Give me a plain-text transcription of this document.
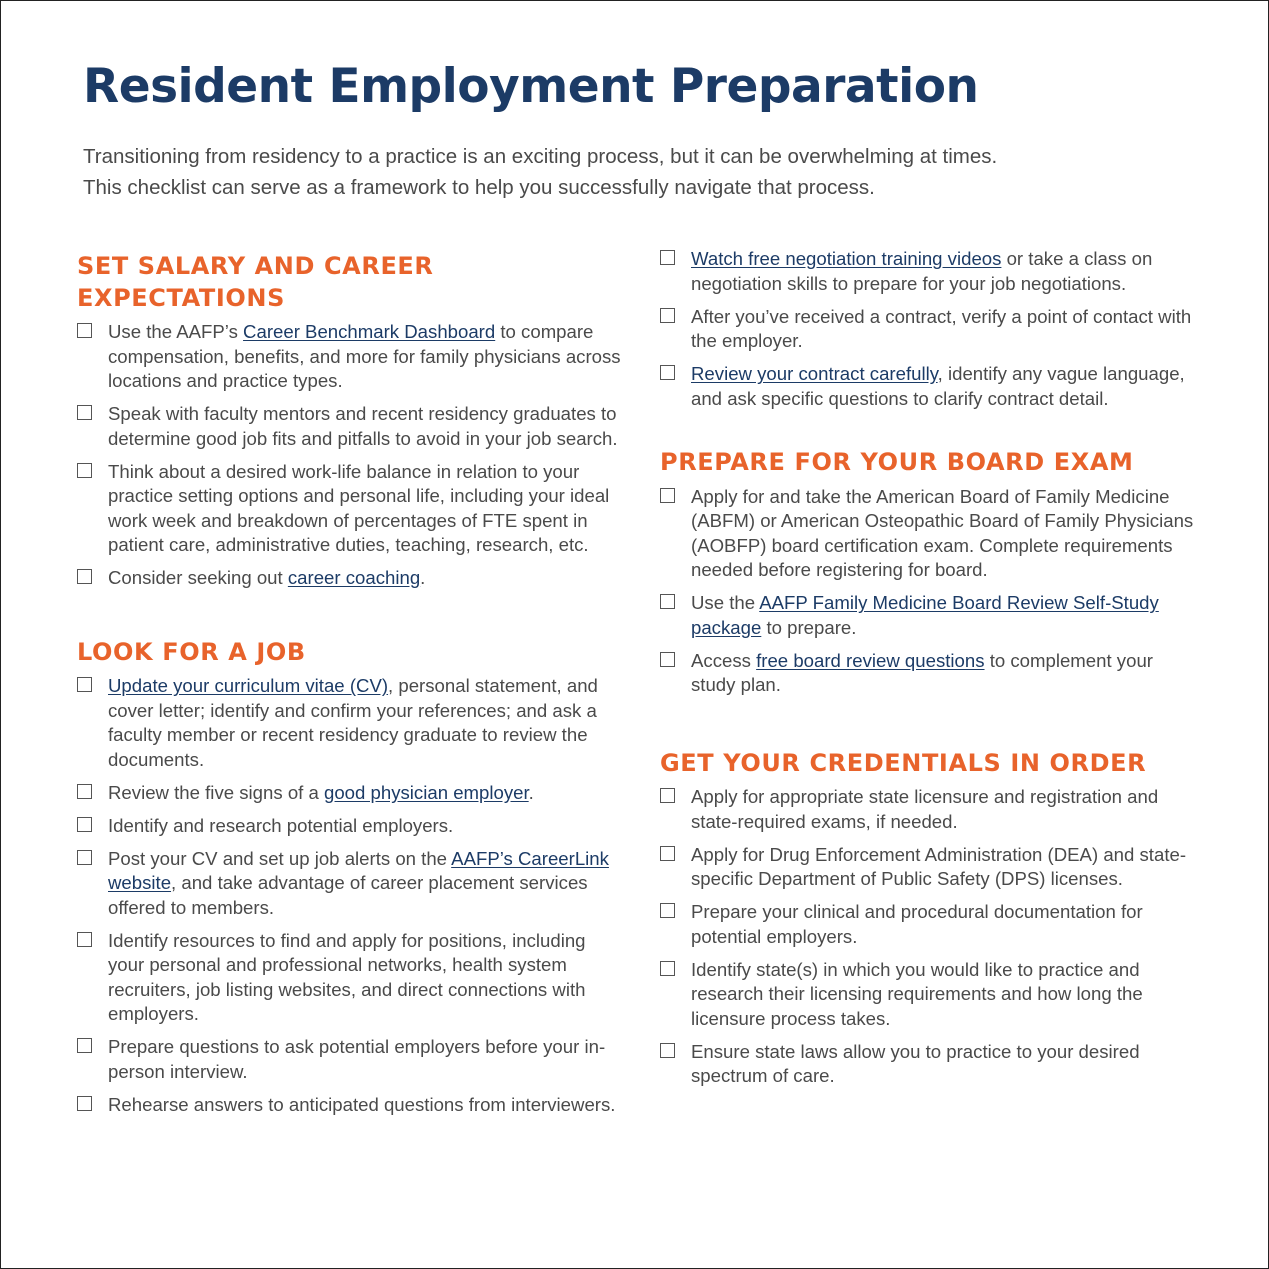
Resident Employment Preparation

Transitioning from residency to a practice is an exciting process, but it can be overwhelming at times.
This checklist can serve as a framework to help you successfully navigate that process.

SET SALARY AND CAREER
EXPECTATIONS
Use the AAFP’s Career Benchmark Dashboard to compare compensation, benefits, and more for family physicians across locations and practice types.
Speak with faculty mentors and recent residency graduates to determine good job fits and pitfalls to avoid in your job search.
Think about a desired work-life balance in relation to your practice setting options and personal life, including your ideal work week and breakdown of percentages of FTE spent in patient care, administrative duties, teaching, research, etc.
Consider seeking out career coaching.
LOOK FOR A JOB
Update your curriculum vitae (CV), personal statement, and cover letter; identify and confirm your references; and ask a faculty member or recent residency graduate to review the documents.
Review the five signs of a good physician employer.
Identify and research potential employers.
Post your CV and set up job alerts on the AAFP’s CareerLink website, and take advantage of career placement services offered to members.
Identify resources to find and apply for positions, including your personal and professional networks, health system recruiters, job listing websites, and direct connections with employers.
Prepare questions to ask potential employers before your in-person interview.
Rehearse answers to anticipated questions from interviewers.
Watch free negotiation training videos or take a class on negotiation skills to prepare for your job negotiations.
After you’ve received a contract, verify a point of contact with the employer.
Review your contract carefully, identify any vague language, and ask specific questions to clarify contract detail.
PREPARE FOR YOUR BOARD EXAM
Apply for and take the American Board of Family Medicine (ABFM) or American Osteopathic Board of Family Physicians (AOBFP) board certification exam. Complete requirements needed before registering for board.
Use the AAFP Family Medicine Board Review Self-Study package to prepare.
Access free board review questions to complement your study plan.
GET YOUR CREDENTIALS IN ORDER
Apply for appropriate state licensure and registration and state-required exams, if needed.
Apply for Drug Enforcement Administration (DEA) and state-specific Department of Public Safety (DPS) licenses.
Prepare your clinical and procedural documentation for potential employers.
Identify state(s) in which you would like to practice and research their licensing requirements and how long the licensure process takes.
Ensure state laws allow you to practice to your desired spectrum of care.
